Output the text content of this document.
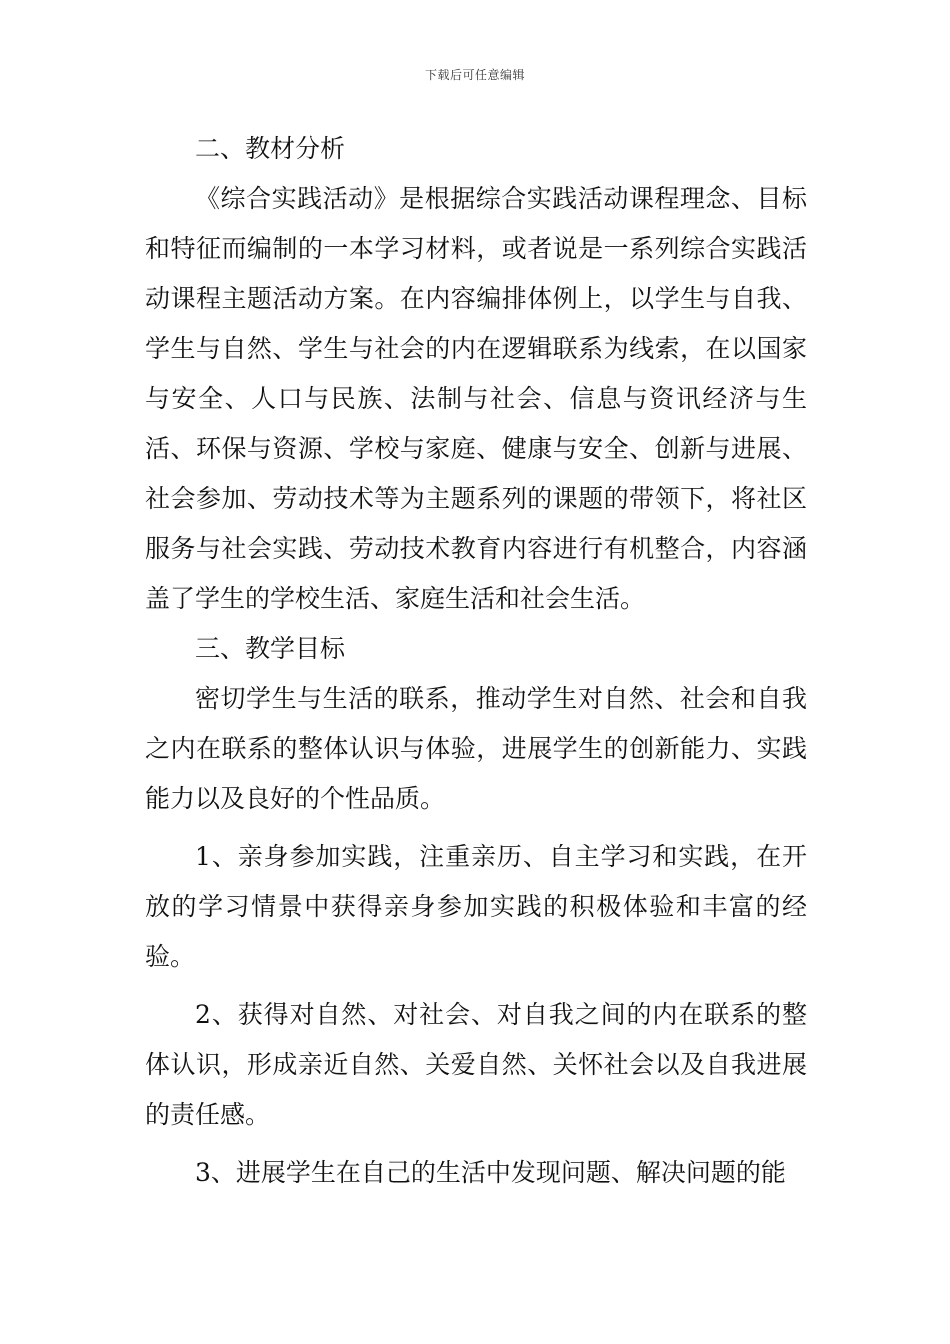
下载后可任意编辑

二、教材分析

《综合实践活动》是根据综合实践活动课程理念、目标和特征而编制的一本学习材料，或者说是一系列综合实践活动课程主题活动方案。在内容编排体例上，以学生与自我、学生与自然、学生与社会的内在逻辑联系为线索，在以国家与安全、人口与民族、法制与社会、信息与资讯经济与生活、环保与资源、学校与家庭、健康与安全、创新与进展、社会参加、劳动技术等为主题系列的课题的带领下，将社区服务与社会实践、劳动技术教育内容进行有机整合，内容涵盖了学生的学校生活、家庭生活和社会生活。

三、教学目标

密切学生与生活的联系，推动学生对自然、社会和自我之内在联系的整体认识与体验，进展学生的创新能力、实践能力以及良好的个性品质。

1、亲身参加实践，注重亲历、自主学习和实践，在开放的学习情景中获得亲身参加实践的积极体验和丰富的经验。

2、获得对自然、对社会、对自我之间的内在联系的整体认识，形成亲近自然、关爱自然、关怀社会以及自我进展的责任感。

3、进展学生在自己的生活中发现问题、解决问题的能
